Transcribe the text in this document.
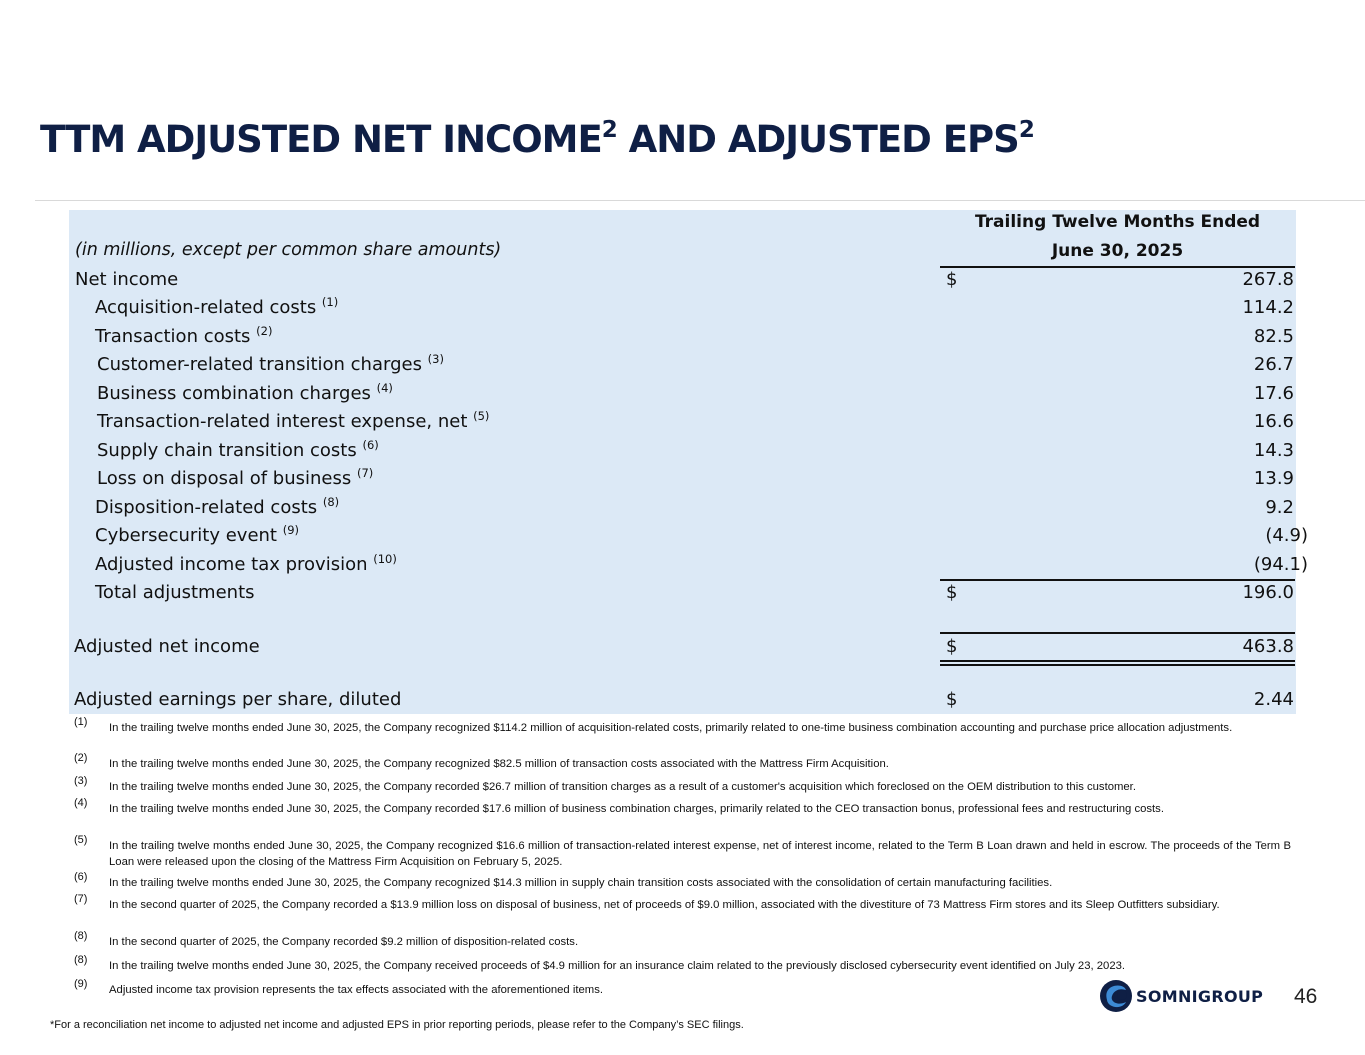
TTM ADJUSTED NET INCOME$^2$ AND ADJUSTED EPS$^2$
Trailing Twelve Months Ended
June 30, 2025
(in millions, except per common share amounts)
Net income	$	267.8
Acquisition-related costs $^{(1)}$	114.2
Transaction costs $^{(2)}$	82.5
Customer-related transition charges $^{(3)}$	26.7
Business combination charges $^{(4)}$	17.6
Transaction-related interest expense, net $^{(5)}$	16.6
Supply chain transition costs $^{(6)}$	14.3
Loss on disposal of business $^{(7)}$	13.9
Disposition-related costs $^{(8)}$	9.2
Cybersecurity event $^{(9)}$	(4.9)
Adjusted income tax provision $^{(10)}$	(94.1)
Total adjustments	$	196.0
Adjusted net income	$	463.8
Adjusted earnings per share, diluted	$	2.44
(1) In the trailing twelve months ended June 30, 2025, the Company recognized $114.2 million of acquisition-related costs, primarily related to one-time business combination accounting and purchase price allocation adjustments.
(2) In the trailing twelve months ended June 30, 2025, the Company recognized $82.5 million of transaction costs associated with the Mattress Firm Acquisition.
(3) In the trailing twelve months ended June 30, 2025, the Company recorded $26.7 million of transition charges as a result of a customer's acquisition which foreclosed on the OEM distribution to this customer.
(4) In the trailing twelve months ended June 30, 2025, the Company recorded $17.6 million of business combination charges, primarily related to the CEO transaction bonus, professional fees and restructuring costs.
(5) In the trailing twelve months ended June 30, 2025, the Company recognized $16.6 million of transaction-related interest expense, net of interest income, related to the Term B Loan drawn and held in escrow. The proceeds of the Term B Loan were released upon the closing of the Mattress Firm Acquisition on February 5, 2025.
(6) In the trailing twelve months ended June 30, 2025, the Company recognized $14.3 million in supply chain transition costs associated with the consolidation of certain manufacturing facilities.
(7) In the second quarter of 2025, the Company recorded a $13.9 million loss on disposal of business, net of proceeds of $9.0 million, associated with the divestiture of 73 Mattress Firm stores and its Sleep Outfitters subsidiary.
(8) In the second quarter of 2025, the Company recorded $9.2 million of disposition-related costs.
(8) In the trailing twelve months ended June 30, 2025, the Company received proceeds of $4.9 million for an insurance claim related to the previously disclosed cybersecurity event identified on July 23, 2023.
(9) Adjusted income tax provision represents the tax effects associated with the aforementioned items.
*For a reconciliation net income to adjusted net income and adjusted EPS in prior reporting periods, please refer to the Company’s SEC filings.
SOMNIGROUP 46
